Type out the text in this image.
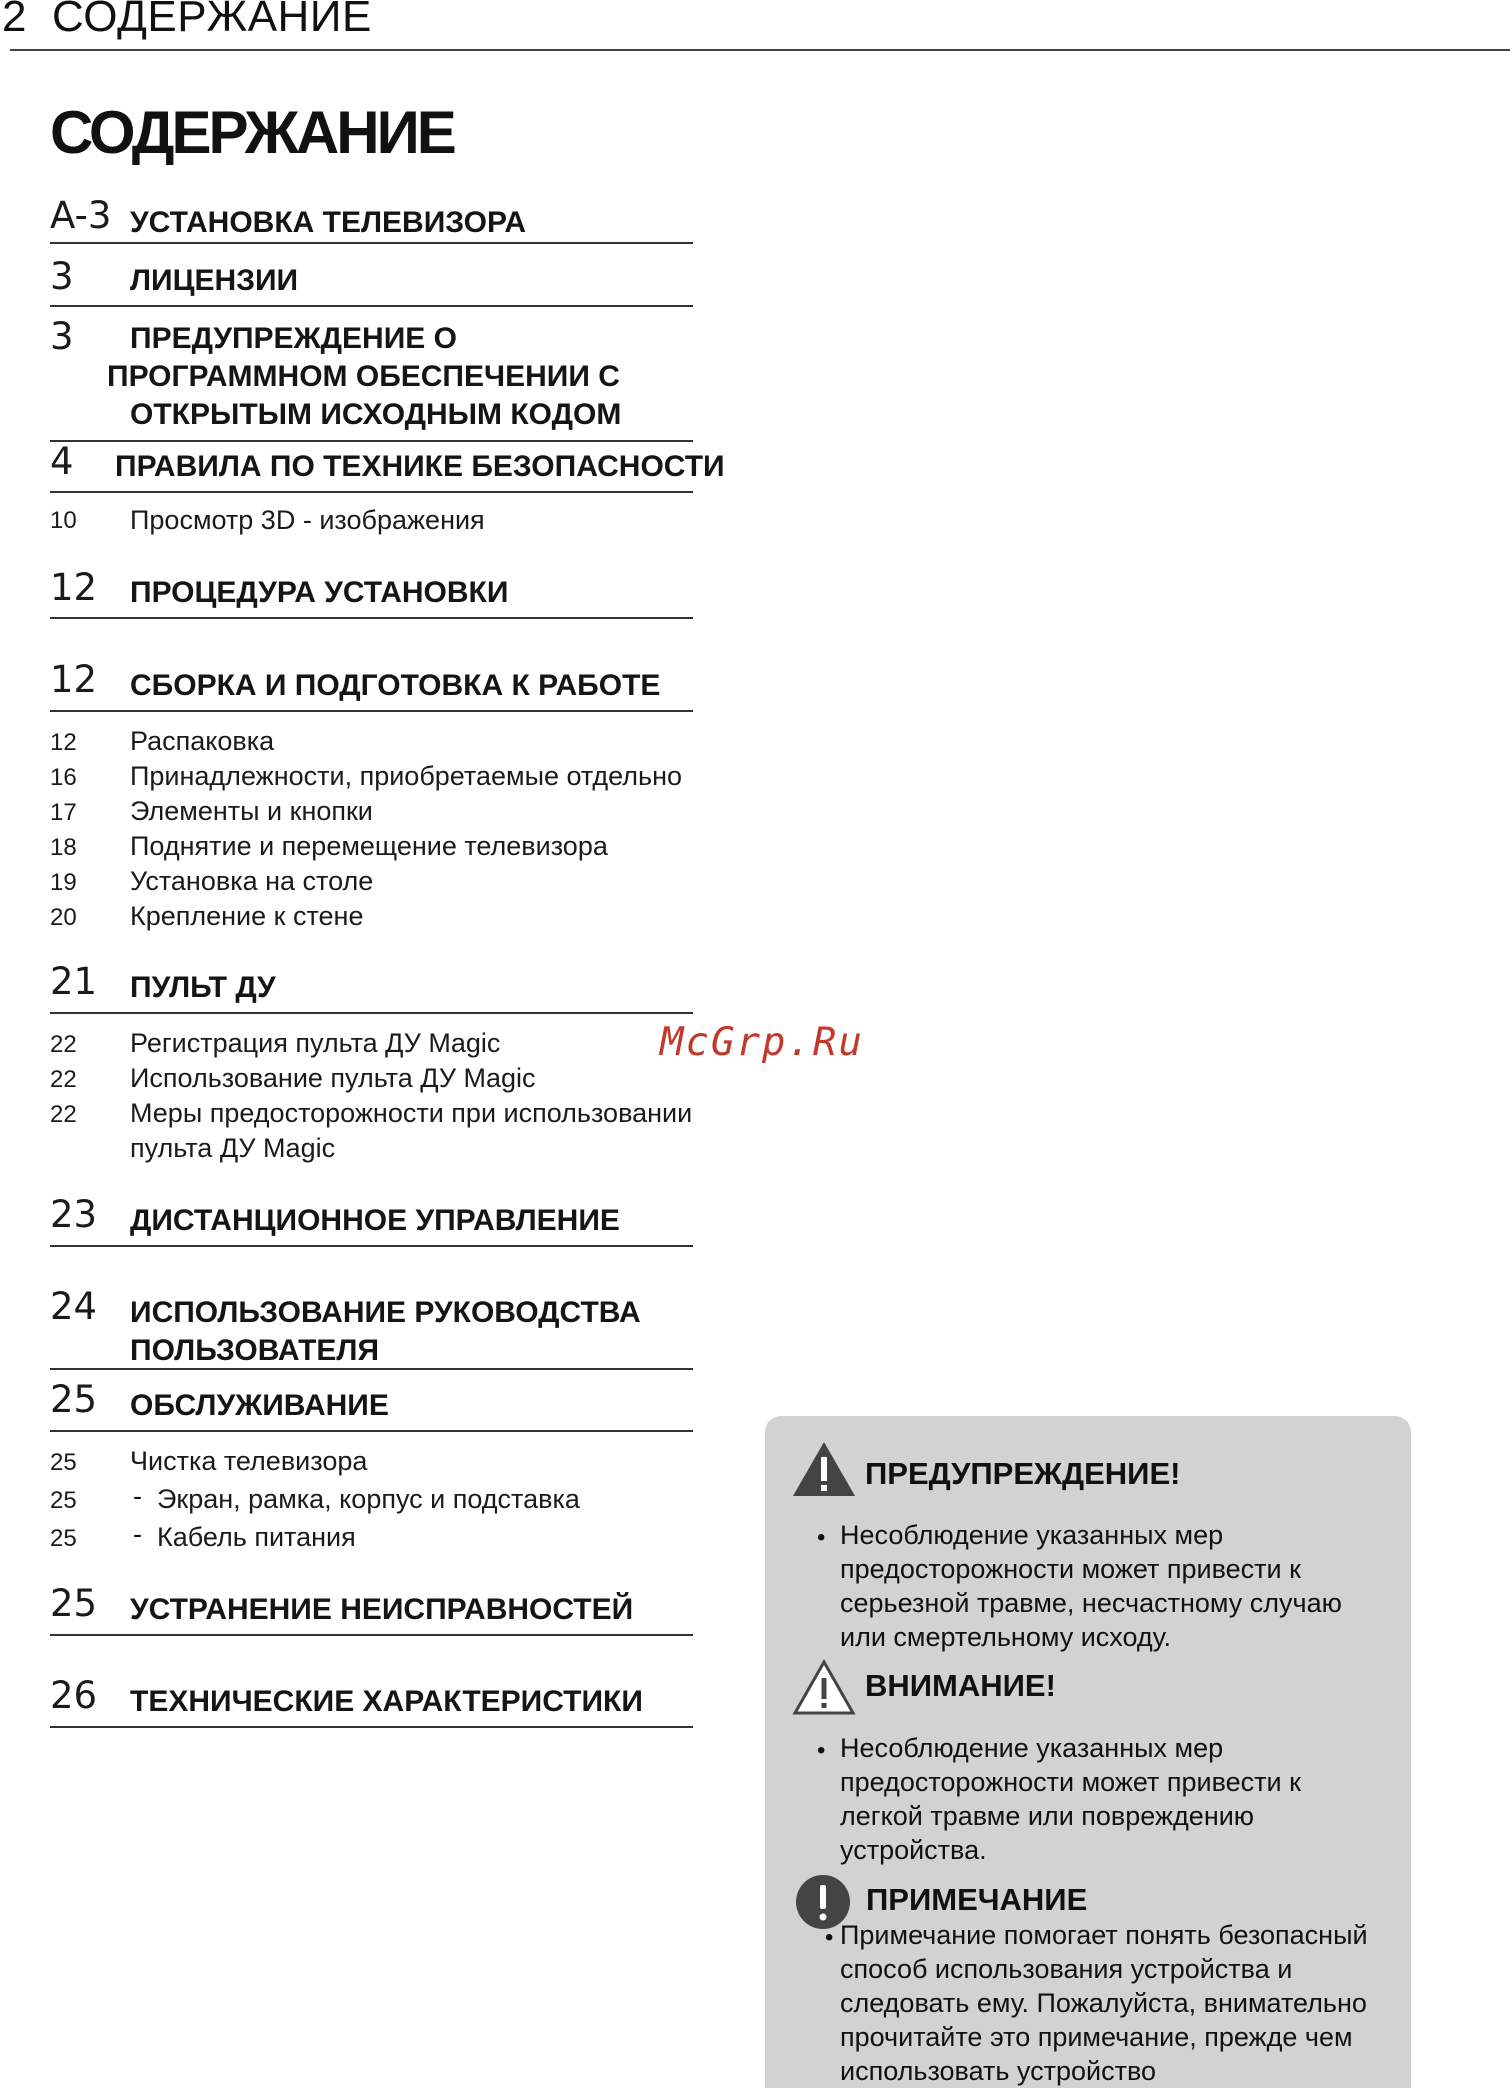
2 СОДЕРЖАНИЕ
СОДЕРЖАНИЕ
A-3 УСТАНОВКА ТЕЛЕВИЗОРА
3 ЛИЦЕНЗИИ
3 ПРЕДУПРЕЖДЕНИЕ О
ПРОГРАММНОМ ОБЕСПЕЧЕНИИ С
ОТКРЫТЫМ ИСХОДНЫМ КОДОМ
4 ПРАВИЛА ПО ТЕХНИКЕ БЕЗОПАСНОСТИ
10 Просмотр 3D - изображения
12 ПРОЦЕДУРА УСТАНОВКИ
12 СБОРКА И ПОДГОТОВКА К РАБОТЕ
12 Распаковка
16 Принадлежности, приобретаемые отдельно
17 Элементы и кнопки
18 Поднятие и перемещение телевизора
19 Установка на столе
20 Крепление к стене
21 ПУЛЬТ ДУ
22 Регистрация пульта ДУ Magic
22 Использование пульта ДУ Magic
22 Меры предосторожности при использовании
пульта ДУ Magic
McGrp.Ru
23 ДИСТАНЦИОННОЕ УПРАВЛЕНИЕ
24 ИСПОЛЬЗОВАНИЕ РУКОВОДСТВА
ПОЛЬЗОВАТЕЛЯ
25 ОБСЛУЖИВАНИЕ
25 Чистка телевизора
25 - Экран, рамка, корпус и подставка
25 - Кабель питания
25 УСТРАНЕНИЕ НЕИСПРАВНОСТЕЙ
26 ТЕХНИЧЕСКИЕ ХАРАКТЕРИСТИКИ
ПРЕДУПРЕЖДЕНИЕ!
• Несоблюдение указанных мер
предосторожности может привести к
серьезной травме, несчастному случаю
или смертельному исходу.
ВНИМАНИЕ!
• Несоблюдение указанных мер
предосторожности может привести к
легкой травме или повреждению
устройства.
ПРИМЕЧАНИЕ
• Примечание помогает понять безопасный
способ использования устройства и
следовать ему. Пожалуйста, внимательно
прочитайте это примечание, прежде чем
использовать устройство
